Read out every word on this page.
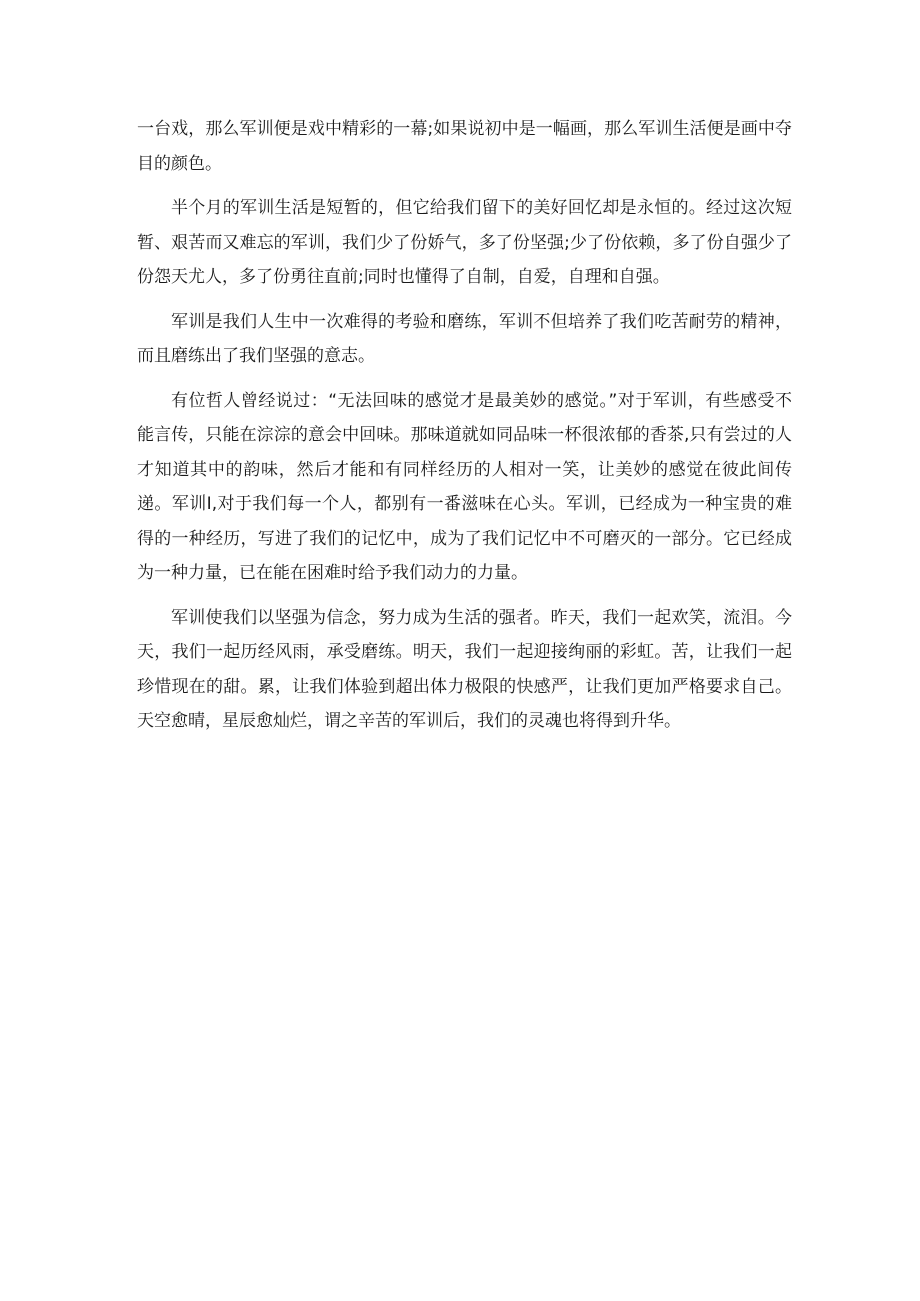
一台戏，那么军训便是戏中精彩的一幕;如果说初中是一幅画，那么军训生活便是画中夺目的颜色。

半个月的军训生活是短暂的，但它给我们留下的美好回忆却是永恒的。经过这次短暂、艰苦而又难忘的军训，我们少了份娇气，多了份坚强;少了份依赖，多了份自强少了份怨天尤人，多了份勇往直前;同时也懂得了自制，自爱，自理和自强。

军训是我们人生中一次难得的考验和磨练，军训不但培养了我们吃苦耐劳的精神，而且磨练出了我们坚强的意志。

有位哲人曾经说过：“无法回味的感觉才是最美妙的感觉。”对于军训，有些感受不能言传，只能在淙淙的意会中回味。那味道就如同品味一杯很浓郁的香茶,只有尝过的人才知道其中的韵味，然后才能和有同样经历的人相对一笑，让美妙的感觉在彼此间传递。军训I,对于我们每一个人，都别有一番滋味在心头。军训，已经成为一种宝贵的难得的一种经历，写进了我们的记忆中，成为了我们记忆中不可磨灭的一部分。它已经成为一种力量，已在能在困难时给予我们动力的力量。

军训使我们以坚强为信念，努力成为生活的强者。昨天，我们一起欢笑，流泪。今天，我们一起历经风雨，承受磨练。明天，我们一起迎接绚丽的彩虹。苦，让我们一起珍惜现在的甜。累，让我们体验到超出体力极限的快感严，让我们更加严格要求自己。天空愈晴，星辰愈灿烂，谓之辛苦的军训后，我们的灵魂也将得到升华。
